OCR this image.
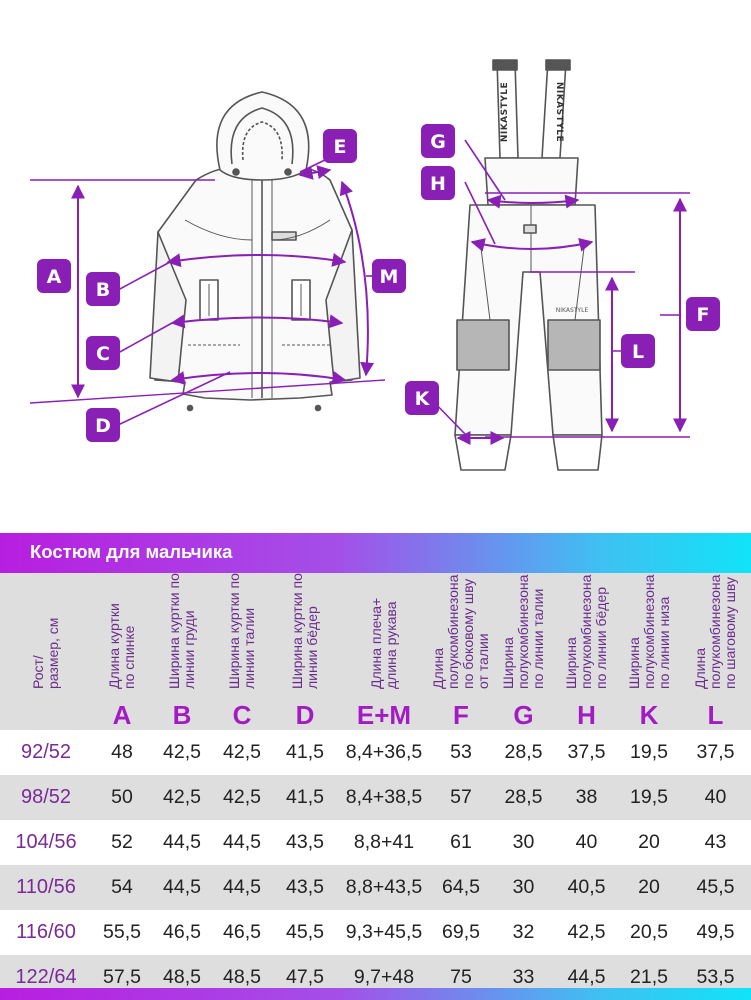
NIKASTYLE	NIKASTYLE
NIKASTYLE
A
B
C
D
E
M
G
H
F
L
K
Костюм для мальчика
Рост/
размер, см
Длина куртки
по спинке
A
Ширина куртки по
линии груди
B
Ширина куртки по
линии талии
C
Ширина куртки по
линии бёдер
D
Длина плеча+
длина рукава
E+M
Длина
полукомбинезона
по боковому шву
от талии
F
Ширина
полукомбинезона
по линии талии
G
Ширина
полукомбинезона
по линии бёдер
H
Ширина
полукомбинезона
по линии низа
K
Длина
полукомбинезона
по шаговому шву
L
92/52	48	42,5	42,5	41,5	8,4+36,5	53	28,5	37,5	19,5	37,5
98/52	50	42,5	42,5	41,5	8,4+38,5	57	28,5	38	19,5	40
104/56	52	44,5	44,5	43,5	8,8+41	61	30	40	20	43
110/56	54	44,5	44,5	43,5	8,8+43,5	64,5	30	40,5	20	45,5
116/60	55,5	46,5	46,5	45,5	9,3+45,5	69,5	32	42,5	20,5	49,5
122/64	57,5	48,5	48,5	47,5	9,7+48	75	33	44,5	21,5	53,5
